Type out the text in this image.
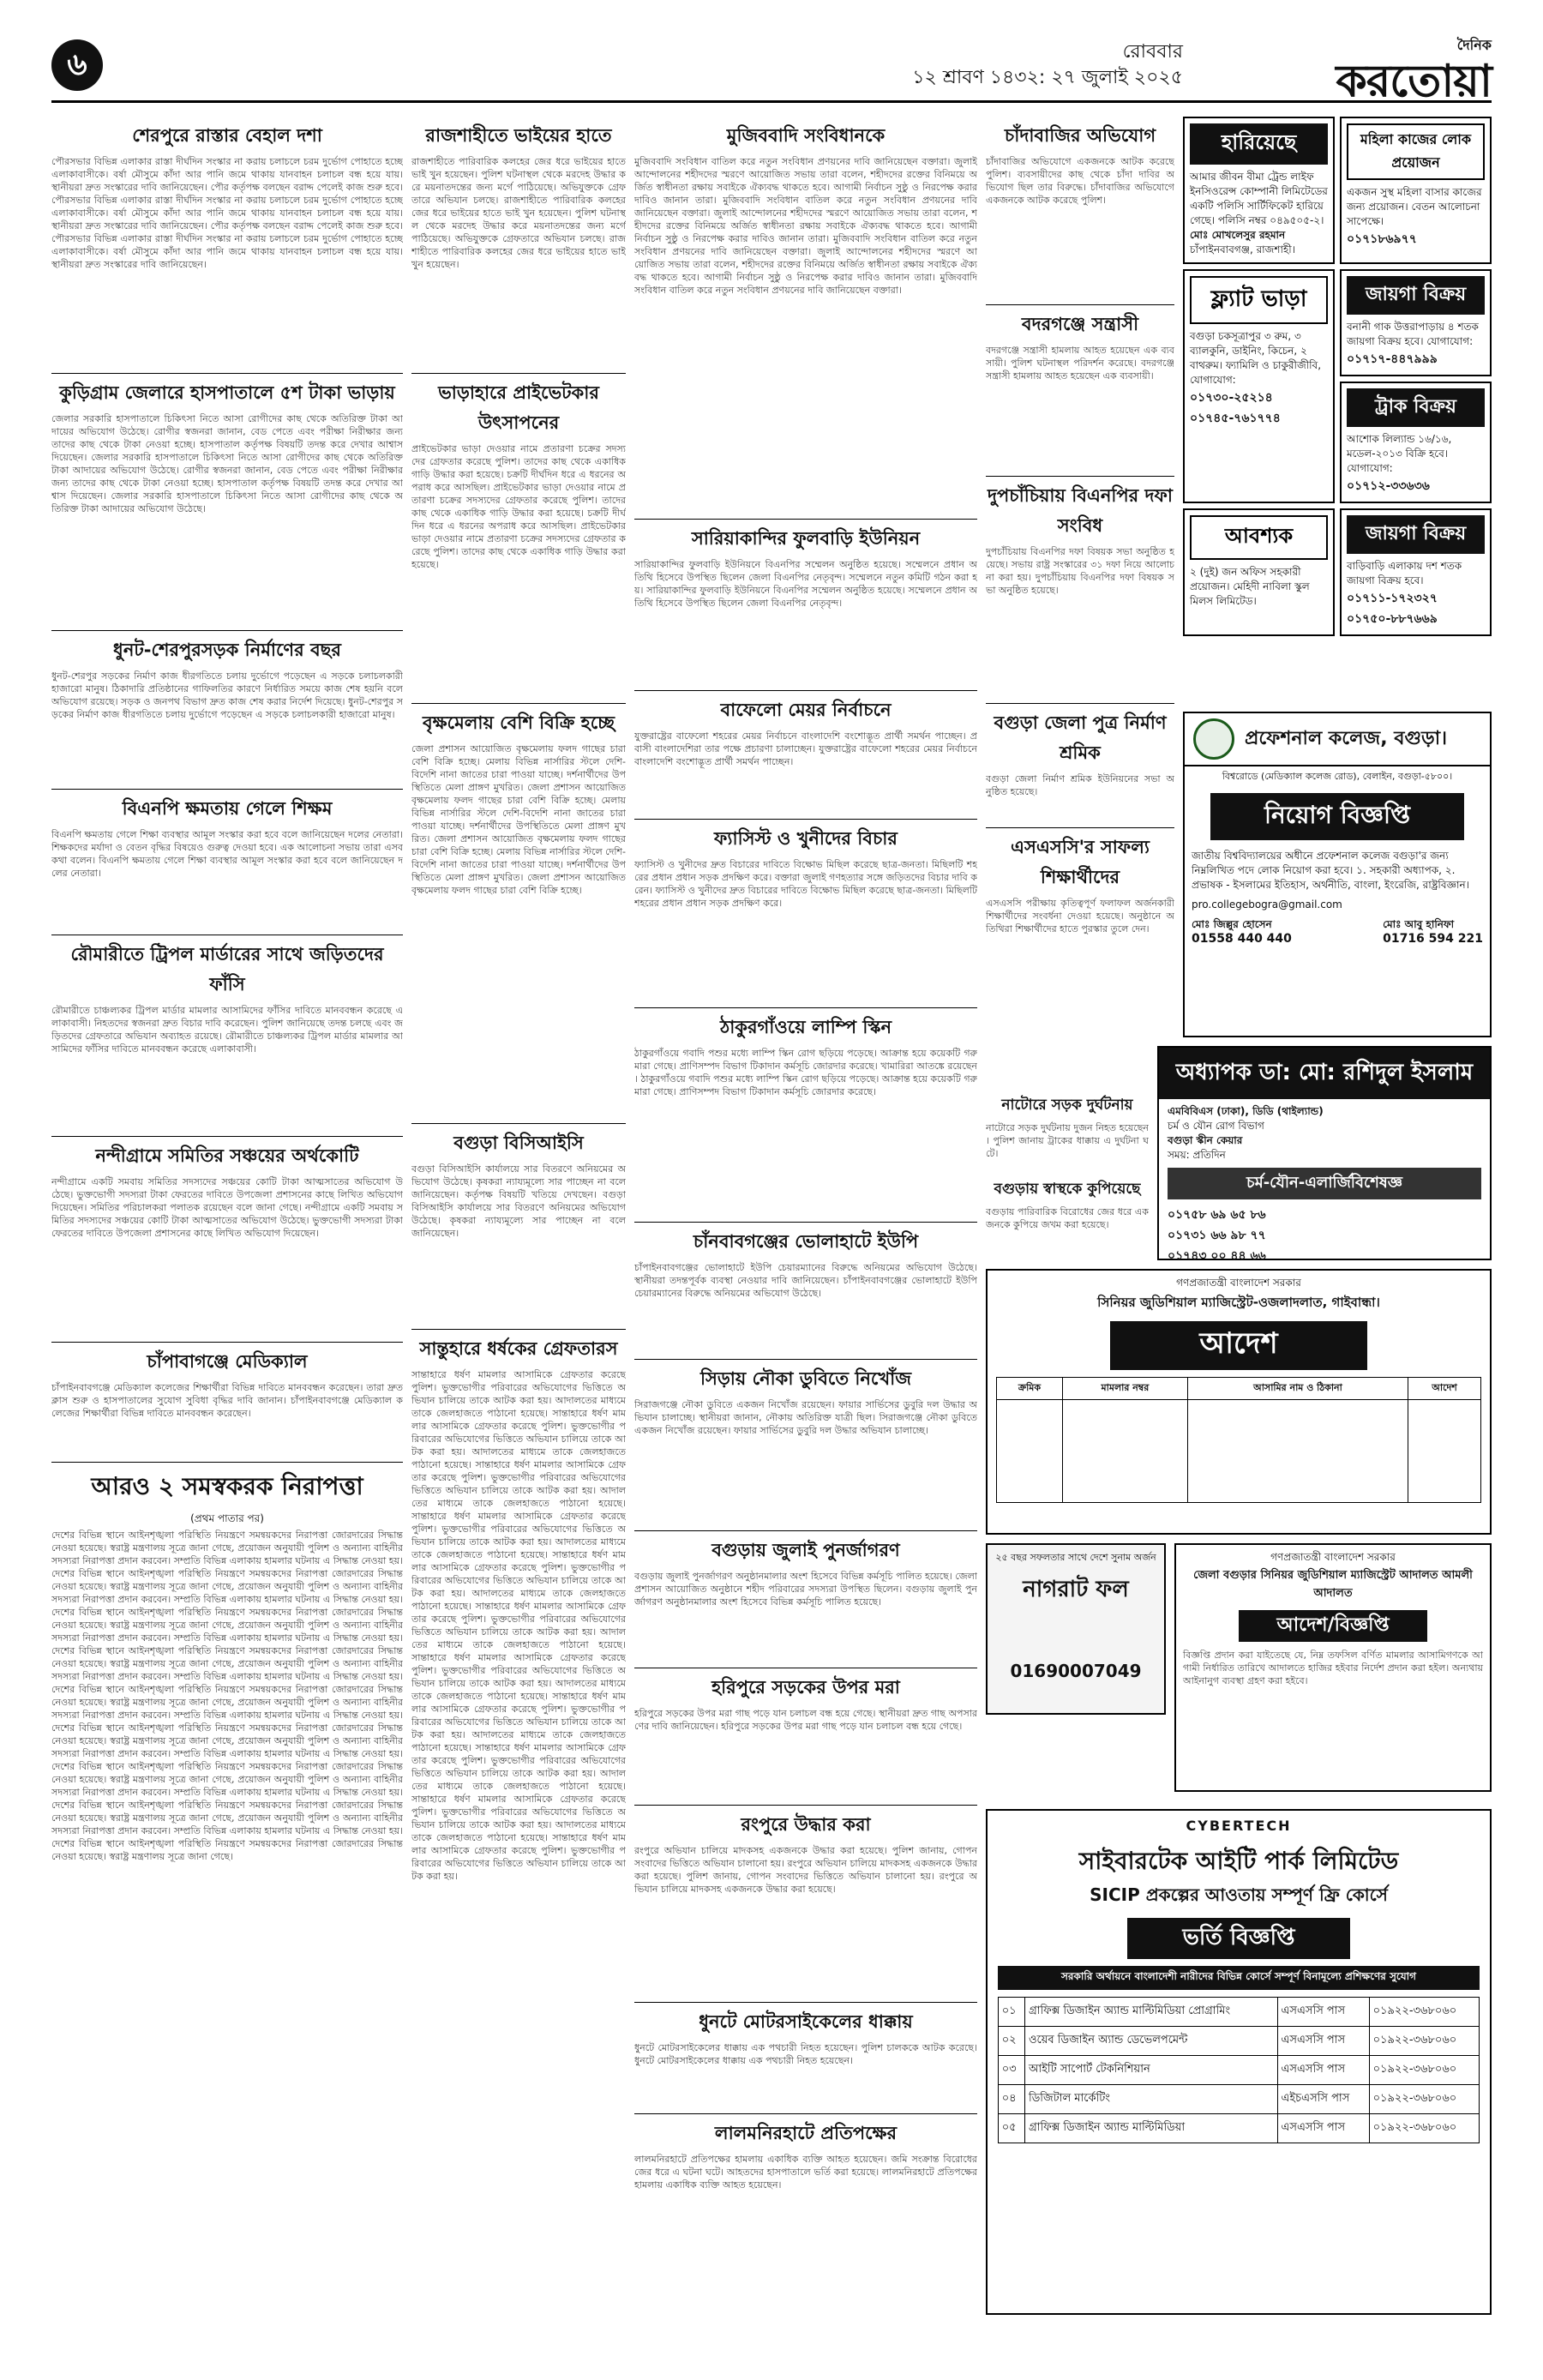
৬	রোববার
১২ শ্রাবণ ১৪৩২: ২৭ জুলাই ২০২৫
দৈনিক
করতোয়া
শেরপুরে রাস্তার বেহাল দশা
পৌরসভার বিভিন্ন এলাকার রাস্তা দীর্ঘদিন সংস্কার না করায় চলাচলে চরম দুর্ভোগ পোহাতে হচ্ছে এলাকাবাসীকে। বর্ষা মৌসুমে কাঁদা আর পানি জমে থাকায় যানবাহন চলাচল বন্ধ হয়ে যায়। স্থানীয়রা দ্রুত সংস্কারের দাবি জানিয়েছেন। পৌর কর্তৃপক্ষ বলছেন বরাদ্দ পেলেই কাজ শুরু হবে। পৌরসভার বিভিন্ন এলাকার রাস্তা দীর্ঘদিন সংস্কার না করায় চলাচলে চরম দুর্ভোগ পোহাতে হচ্ছে এলাকাবাসীকে। বর্ষা মৌসুমে কাঁদা আর পানি জমে থাকায় যানবাহন চলাচল বন্ধ হয়ে যায়। স্থানীয়রা দ্রুত সংস্কারের দাবি জানিয়েছেন। পৌর কর্তৃপক্ষ বলছেন বরাদ্দ পেলেই কাজ শুরু হবে। পৌরসভার বিভিন্ন এলাকার রাস্তা দীর্ঘদিন সংস্কার না করায় চলাচলে চরম দুর্ভোগ পোহাতে হচ্ছে এলাকাবাসীকে। বর্ষা মৌসুমে কাঁদা আর পানি জমে থাকায় যানবাহন চলাচল বন্ধ হয়ে যায়। স্থানীয়রা দ্রুত সংস্কারের দাবি জানিয়েছেন।
কুড়িগ্রাম জেলারে হাসপাতালে ৫শ টাকা ভাড়ায়
জেলার সরকারি হাসপাতালে চিকিৎসা নিতে আসা রোগীদের কাছ থেকে অতিরিক্ত টাকা আদায়ের অভিযোগ উঠেছে। রোগীর স্বজনরা জানান, বেড পেতে এবং পরীক্ষা নিরীক্ষার জন্য তাদের কাছ থেকে টাকা নেওয়া হচ্ছে। হাসপাতাল কর্তৃপক্ষ বিষয়টি তদন্ত করে দেখার আশ্বাস দিয়েছেন। জেলার সরকারি হাসপাতালে চিকিৎসা নিতে আসা রোগীদের কাছ থেকে অতিরিক্ত টাকা আদায়ের অভিযোগ উঠেছে। রোগীর স্বজনরা জানান, বেড পেতে এবং পরীক্ষা নিরীক্ষার জন্য তাদের কাছ থেকে টাকা নেওয়া হচ্ছে। হাসপাতাল কর্তৃপক্ষ বিষয়টি তদন্ত করে দেখার আশ্বাস দিয়েছেন। জেলার সরকারি হাসপাতালে চিকিৎসা নিতে আসা রোগীদের কাছ থেকে অতিরিক্ত টাকা আদায়ের অভিযোগ উঠেছে।
ধুনট-শেরপুরসড়ক নির্মাণের বছর
ধুনট-শেরপুর সড়কের নির্মাণ কাজ ধীরগতিতে চলায় দুর্ভোগে পড়েছেন এ সড়কে চলাচলকারী হাজারো মানুষ। ঠিকাদারি প্রতিষ্ঠানের গাফিলতির কারণে নির্ধারিত সময়ে কাজ শেষ হয়নি বলে অভিযোগ রয়েছে। সড়ক ও জনপথ বিভাগ দ্রুত কাজ শেষ করার নির্দেশ দিয়েছে। ধুনট-শেরপুর সড়কের নির্মাণ কাজ ধীরগতিতে চলায় দুর্ভোগে পড়েছেন এ সড়কে চলাচলকারী হাজারো মানুষ।
বিএনপি ক্ষমতায় গেলে শিক্ষম
বিএনপি ক্ষমতায় গেলে শিক্ষা ব্যবস্থার আমূল সংস্কার করা হবে বলে জানিয়েছেন দলের নেতারা। শিক্ষকদের মর্যাদা ও বেতন বৃদ্ধির বিষয়েও গুরুত্ব দেওয়া হবে। এক আলোচনা সভায় তারা এসব কথা বলেন। বিএনপি ক্ষমতায় গেলে শিক্ষা ব্যবস্থার আমূল সংস্কার করা হবে বলে জানিয়েছেন দলের নেতারা।
রৌমারীতে ট্রিপল মার্ডারের সাথে জড়িতদের ফাঁসি
রৌমারীতে চাঞ্চল্যকর ট্রিপল মার্ডার মামলার আসামিদের ফাঁসির দাবিতে মানববন্ধন করেছে এলাকাবাসী। নিহতদের স্বজনরা দ্রুত বিচার দাবি করেছেন। পুলিশ জানিয়েছে তদন্ত চলছে এবং জড়িতদের গ্রেফতারে অভিযান অব্যাহত রয়েছে। রৌমারীতে চাঞ্চল্যকর ট্রিপল মার্ডার মামলার আসামিদের ফাঁসির দাবিতে মানববন্ধন করেছে এলাকাবাসী।
নন্দীগ্রামে সমিতির সঞ্চয়ের অর্থকোটি
নন্দীগ্রামে একটি সমবায় সমিতির সদস্যদের সঞ্চয়ের কোটি টাকা আত্মসাতের অভিযোগ উঠেছে। ভুক্তভোগী সদস্যরা টাকা ফেরতের দাবিতে উপজেলা প্রশাসনের কাছে লিখিত অভিযোগ দিয়েছেন। সমিতির পরিচালকরা পলাতক রয়েছেন বলে জানা গেছে। নন্দীগ্রামে একটি সমবায় সমিতির সদস্যদের সঞ্চয়ের কোটি টাকা আত্মসাতের অভিযোগ উঠেছে। ভুক্তভোগী সদস্যরা টাকা ফেরতের দাবিতে উপজেলা প্রশাসনের কাছে লিখিত অভিযোগ দিয়েছেন।
চাঁপাবাগঞ্জে মেডিক্যাল
চাঁপাইনবাবগঞ্জে মেডিক্যাল কলেজের শিক্ষার্থীরা বিভিন্ন দাবিতে মানববন্ধন করেছেন। তারা দ্রুত ক্লাস শুরু ও হাসপাতালের সুযোগ সুবিধা বৃদ্ধির দাবি জানান। চাঁপাইনবাবগঞ্জে মেডিক্যাল কলেজের শিক্ষার্থীরা বিভিন্ন দাবিতে মানববন্ধন করেছেন।
আরও ২ সমস্বকরক নিরাপত্তা
(প্রথম পাতার পর)
দেশের বিভিন্ন স্থানে আইনশৃঙ্খলা পরিস্থিতি নিয়ন্ত্রণে সমন্বয়কদের নিরাপত্তা জোরদারের সিদ্ধান্ত নেওয়া হয়েছে। স্বরাষ্ট্র মন্ত্রণালয় সূত্রে জানা গেছে, প্রয়োজন অনুযায়ী পুলিশ ও অন্যান্য বাহিনীর সদস্যরা নিরাপত্তা প্রদান করবেন। সম্প্রতি বিভিন্ন এলাকায় হামলার ঘটনায় এ সিদ্ধান্ত নেওয়া হয়। দেশের বিভিন্ন স্থানে আইনশৃঙ্খলা পরিস্থিতি নিয়ন্ত্রণে সমন্বয়কদের নিরাপত্তা জোরদারের সিদ্ধান্ত নেওয়া হয়েছে। স্বরাষ্ট্র মন্ত্রণালয় সূত্রে জানা গেছে, প্রয়োজন অনুযায়ী পুলিশ ও অন্যান্য বাহিনীর সদস্যরা নিরাপত্তা প্রদান করবেন। সম্প্রতি বিভিন্ন এলাকায় হামলার ঘটনায় এ সিদ্ধান্ত নেওয়া হয়। দেশের বিভিন্ন স্থানে আইনশৃঙ্খলা পরিস্থিতি নিয়ন্ত্রণে সমন্বয়কদের নিরাপত্তা জোরদারের সিদ্ধান্ত নেওয়া হয়েছে। স্বরাষ্ট্র মন্ত্রণালয় সূত্রে জানা গেছে, প্রয়োজন অনুযায়ী পুলিশ ও অন্যান্য বাহিনীর সদস্যরা নিরাপত্তা প্রদান করবেন। সম্প্রতি বিভিন্ন এলাকায় হামলার ঘটনায় এ সিদ্ধান্ত নেওয়া হয়। দেশের বিভিন্ন স্থানে আইনশৃঙ্খলা পরিস্থিতি নিয়ন্ত্রণে সমন্বয়কদের নিরাপত্তা জোরদারের সিদ্ধান্ত নেওয়া হয়েছে। স্বরাষ্ট্র মন্ত্রণালয় সূত্রে জানা গেছে, প্রয়োজন অনুযায়ী পুলিশ ও অন্যান্য বাহিনীর সদস্যরা নিরাপত্তা প্রদান করবেন। সম্প্রতি বিভিন্ন এলাকায় হামলার ঘটনায় এ সিদ্ধান্ত নেওয়া হয়। দেশের বিভিন্ন স্থানে আইনশৃঙ্খলা পরিস্থিতি নিয়ন্ত্রণে সমন্বয়কদের নিরাপত্তা জোরদারের সিদ্ধান্ত নেওয়া হয়েছে। স্বরাষ্ট্র মন্ত্রণালয় সূত্রে জানা গেছে, প্রয়োজন অনুযায়ী পুলিশ ও অন্যান্য বাহিনীর সদস্যরা নিরাপত্তা প্রদান করবেন। সম্প্রতি বিভিন্ন এলাকায় হামলার ঘটনায় এ সিদ্ধান্ত নেওয়া হয়। দেশের বিভিন্ন স্থানে আইনশৃঙ্খলা পরিস্থিতি নিয়ন্ত্রণে সমন্বয়কদের নিরাপত্তা জোরদারের সিদ্ধান্ত নেওয়া হয়েছে। স্বরাষ্ট্র মন্ত্রণালয় সূত্রে জানা গেছে, প্রয়োজন অনুযায়ী পুলিশ ও অন্যান্য বাহিনীর সদস্যরা নিরাপত্তা প্রদান করবেন। সম্প্রতি বিভিন্ন এলাকায় হামলার ঘটনায় এ সিদ্ধান্ত নেওয়া হয়। দেশের বিভিন্ন স্থানে আইনশৃঙ্খলা পরিস্থিতি নিয়ন্ত্রণে সমন্বয়কদের নিরাপত্তা জোরদারের সিদ্ধান্ত নেওয়া হয়েছে। স্বরাষ্ট্র মন্ত্রণালয় সূত্রে জানা গেছে, প্রয়োজন অনুযায়ী পুলিশ ও অন্যান্য বাহিনীর সদস্যরা নিরাপত্তা প্রদান করবেন। সম্প্রতি বিভিন্ন এলাকায় হামলার ঘটনায় এ সিদ্ধান্ত নেওয়া হয়। দেশের বিভিন্ন স্থানে আইনশৃঙ্খলা পরিস্থিতি নিয়ন্ত্রণে সমন্বয়কদের নিরাপত্তা জোরদারের সিদ্ধান্ত নেওয়া হয়েছে। স্বরাষ্ট্র মন্ত্রণালয় সূত্রে জানা গেছে, প্রয়োজন অনুযায়ী পুলিশ ও অন্যান্য বাহিনীর সদস্যরা নিরাপত্তা প্রদান করবেন। সম্প্রতি বিভিন্ন এলাকায় হামলার ঘটনায় এ সিদ্ধান্ত নেওয়া হয়। দেশের বিভিন্ন স্থানে আইনশৃঙ্খলা পরিস্থিতি নিয়ন্ত্রণে সমন্বয়কদের নিরাপত্তা জোরদারের সিদ্ধান্ত নেওয়া হয়েছে। স্বরাষ্ট্র মন্ত্রণালয় সূত্রে জানা গেছে।
রাজশাহীতে ভাইয়ের হাতে
রাজশাহীতে পারিবারিক কলহের জের ধরে ভাইয়ের হাতে ভাই খুন হয়েছেন। পুলিশ ঘটনাস্থল থেকে মরদেহ উদ্ধার করে ময়নাতদন্তের জন্য মর্গে পাঠিয়েছে। অভিযুক্তকে গ্রেফতারে অভিযান চলছে। রাজশাহীতে পারিবারিক কলহের জের ধরে ভাইয়ের হাতে ভাই খুন হয়েছেন। পুলিশ ঘটনাস্থল থেকে মরদেহ উদ্ধার করে ময়নাতদন্তের জন্য মর্গে পাঠিয়েছে। অভিযুক্তকে গ্রেফতারে অভিযান চলছে। রাজশাহীতে পারিবারিক কলহের জের ধরে ভাইয়ের হাতে ভাই খুন হয়েছেন।
ভাড়াহারে প্রাইভেটকার উৎসাপনের
প্রাইভেটকার ভাড়া দেওয়ার নামে প্রতারণা চক্রের সদস্যদের গ্রেফতার করেছে পুলিশ। তাদের কাছ থেকে একাধিক গাড়ি উদ্ধার করা হয়েছে। চক্রটি দীর্ঘদিন ধরে এ ধরনের অপরাধ করে আসছিল। প্রাইভেটকার ভাড়া দেওয়ার নামে প্রতারণা চক্রের সদস্যদের গ্রেফতার করেছে পুলিশ। তাদের কাছ থেকে একাধিক গাড়ি উদ্ধার করা হয়েছে। চক্রটি দীর্ঘদিন ধরে এ ধরনের অপরাধ করে আসছিল। প্রাইভেটকার ভাড়া দেওয়ার নামে প্রতারণা চক্রের সদস্যদের গ্রেফতার করেছে পুলিশ। তাদের কাছ থেকে একাধিক গাড়ি উদ্ধার করা হয়েছে।
বৃক্ষমেলায় বেশি বিক্রি হচ্ছে
জেলা প্রশাসন আয়োজিত বৃক্ষমেলায় ফলদ গাছের চারা বেশি বিক্রি হচ্ছে। মেলায় বিভিন্ন নার্সারির স্টলে দেশি-বিদেশি নানা জাতের চারা পাওয়া যাচ্ছে। দর্শনার্থীদের উপস্থিতিতে মেলা প্রাঙ্গণ মুখরিত। জেলা প্রশাসন আয়োজিত বৃক্ষমেলায় ফলদ গাছের চারা বেশি বিক্রি হচ্ছে। মেলায় বিভিন্ন নার্সারির স্টলে দেশি-বিদেশি নানা জাতের চারা পাওয়া যাচ্ছে। দর্শনার্থীদের উপস্থিতিতে মেলা প্রাঙ্গণ মুখরিত। জেলা প্রশাসন আয়োজিত বৃক্ষমেলায় ফলদ গাছের চারা বেশি বিক্রি হচ্ছে। মেলায় বিভিন্ন নার্সারির স্টলে দেশি-বিদেশি নানা জাতের চারা পাওয়া যাচ্ছে। দর্শনার্থীদের উপস্থিতিতে মেলা প্রাঙ্গণ মুখরিত। জেলা প্রশাসন আয়োজিত বৃক্ষমেলায় ফলদ গাছের চারা বেশি বিক্রি হচ্ছে।
বগুড়া বিসিআইসি
বগুড়া বিসিআইসি কার্যালয়ে সার বিতরণে অনিয়মের অভিযোগ উঠেছে। কৃষকরা ন্যায্যমূল্যে সার পাচ্ছেন না বলে জানিয়েছেন। কর্তৃপক্ষ বিষয়টি খতিয়ে দেখছেন। বগুড়া বিসিআইসি কার্যালয়ে সার বিতরণে অনিয়মের অভিযোগ উঠেছে। কৃষকরা ন্যায্যমূল্যে সার পাচ্ছেন না বলে জানিয়েছেন।
সান্তুহারে ধর্ষকের গ্রেফতারস
সান্তাহারে ধর্ষণ মামলার আসামিকে গ্রেফতার করেছে পুলিশ। ভুক্তভোগীর পরিবারের অভিযোগের ভিত্তিতে অভিযান চালিয়ে তাকে আটক করা হয়। আদালতের মাধ্যমে তাকে জেলহাজতে পাঠানো হয়েছে। সান্তাহারে ধর্ষণ মামলার আসামিকে গ্রেফতার করেছে পুলিশ। ভুক্তভোগীর পরিবারের অভিযোগের ভিত্তিতে অভিযান চালিয়ে তাকে আটক করা হয়। আদালতের মাধ্যমে তাকে জেলহাজতে পাঠানো হয়েছে। সান্তাহারে ধর্ষণ মামলার আসামিকে গ্রেফতার করেছে পুলিশ। ভুক্তভোগীর পরিবারের অভিযোগের ভিত্তিতে অভিযান চালিয়ে তাকে আটক করা হয়। আদালতের মাধ্যমে তাকে জেলহাজতে পাঠানো হয়েছে। সান্তাহারে ধর্ষণ মামলার আসামিকে গ্রেফতার করেছে পুলিশ। ভুক্তভোগীর পরিবারের অভিযোগের ভিত্তিতে অভিযান চালিয়ে তাকে আটক করা হয়। আদালতের মাধ্যমে তাকে জেলহাজতে পাঠানো হয়েছে। সান্তাহারে ধর্ষণ মামলার আসামিকে গ্রেফতার করেছে পুলিশ। ভুক্তভোগীর পরিবারের অভিযোগের ভিত্তিতে অভিযান চালিয়ে তাকে আটক করা হয়। আদালতের মাধ্যমে তাকে জেলহাজতে পাঠানো হয়েছে। সান্তাহারে ধর্ষণ মামলার আসামিকে গ্রেফতার করেছে পুলিশ। ভুক্তভোগীর পরিবারের অভিযোগের ভিত্তিতে অভিযান চালিয়ে তাকে আটক করা হয়। আদালতের মাধ্যমে তাকে জেলহাজতে পাঠানো হয়েছে। সান্তাহারে ধর্ষণ মামলার আসামিকে গ্রেফতার করেছে পুলিশ। ভুক্তভোগীর পরিবারের অভিযোগের ভিত্তিতে অভিযান চালিয়ে তাকে আটক করা হয়। আদালতের মাধ্যমে তাকে জেলহাজতে পাঠানো হয়েছে। সান্তাহারে ধর্ষণ মামলার আসামিকে গ্রেফতার করেছে পুলিশ। ভুক্তভোগীর পরিবারের অভিযোগের ভিত্তিতে অভিযান চালিয়ে তাকে আটক করা হয়। আদালতের মাধ্যমে তাকে জেলহাজতে পাঠানো হয়েছে। সান্তাহারে ধর্ষণ মামলার আসামিকে গ্রেফতার করেছে পুলিশ। ভুক্তভোগীর পরিবারের অভিযোগের ভিত্তিতে অভিযান চালিয়ে তাকে আটক করা হয়। আদালতের মাধ্যমে তাকে জেলহাজতে পাঠানো হয়েছে। সান্তাহারে ধর্ষণ মামলার আসামিকে গ্রেফতার করেছে পুলিশ। ভুক্তভোগীর পরিবারের অভিযোগের ভিত্তিতে অভিযান চালিয়ে তাকে আটক করা হয়। আদালতের মাধ্যমে তাকে জেলহাজতে পাঠানো হয়েছে। সান্তাহারে ধর্ষণ মামলার আসামিকে গ্রেফতার করেছে পুলিশ। ভুক্তভোগীর পরিবারের অভিযোগের ভিত্তিতে অভিযান চালিয়ে তাকে আটক করা হয়।
মুজিববাদি সংবিধানকে
মুজিববাদি সংবিধান বাতিল করে নতুন সংবিধান প্রণয়নের দাবি জানিয়েছেন বক্তারা। জুলাই আন্দোলনের শহীদদের স্মরণে আয়োজিত সভায় তারা বলেন, শহীদদের রক্তের বিনিময়ে অর্জিত স্বাধীনতা রক্ষায় সবাইকে ঐক্যবদ্ধ থাকতে হবে। আগামী নির্বাচন সুষ্ঠু ও নিরপেক্ষ করার দাবিও জানান তারা। মুজিববাদি সংবিধান বাতিল করে নতুন সংবিধান প্রণয়নের দাবি জানিয়েছেন বক্তারা। জুলাই আন্দোলনের শহীদদের স্মরণে আয়োজিত সভায় তারা বলেন, শহীদদের রক্তের বিনিময়ে অর্জিত স্বাধীনতা রক্ষায় সবাইকে ঐক্যবদ্ধ থাকতে হবে। আগামী নির্বাচন সুষ্ঠু ও নিরপেক্ষ করার দাবিও জানান তারা। মুজিববাদি সংবিধান বাতিল করে নতুন সংবিধান প্রণয়নের দাবি জানিয়েছেন বক্তারা। জুলাই আন্দোলনের শহীদদের স্মরণে আয়োজিত সভায় তারা বলেন, শহীদদের রক্তের বিনিময়ে অর্জিত স্বাধীনতা রক্ষায় সবাইকে ঐক্যবদ্ধ থাকতে হবে। আগামী নির্বাচন সুষ্ঠু ও নিরপেক্ষ করার দাবিও জানান তারা। মুজিববাদি সংবিধান বাতিল করে নতুন সংবিধান প্রণয়নের দাবি জানিয়েছেন বক্তারা।
সারিয়াকান্দির ফুলবাড়ি ইউনিয়ন
সারিয়াকান্দির ফুলবাড়ি ইউনিয়নে বিএনপির সম্মেলন অনুষ্ঠিত হয়েছে। সম্মেলনে প্রধান অতিথি হিসেবে উপস্থিত ছিলেন জেলা বিএনপির নেতৃবৃন্দ। সম্মেলনে নতুন কমিটি গঠন করা হয়। সারিয়াকান্দির ফুলবাড়ি ইউনিয়নে বিএনপির সম্মেলন অনুষ্ঠিত হয়েছে। সম্মেলনে প্রধান অতিথি হিসেবে উপস্থিত ছিলেন জেলা বিএনপির নেতৃবৃন্দ।
বাফেলো মেয়র নির্বাচনে
যুক্তরাষ্ট্রের বাফেলো শহরের মেয়র নির্বাচনে বাংলাদেশি বংশোদ্ভূত প্রার্থী সমর্থন পাচ্ছেন। প্রবাসী বাংলাদেশিরা তার পক্ষে প্রচারণা চালাচ্ছেন। যুক্তরাষ্ট্রের বাফেলো শহরের মেয়র নির্বাচনে বাংলাদেশি বংশোদ্ভূত প্রার্থী সমর্থন পাচ্ছেন।
ফ্যাসিস্ট ও খুনীদের বিচার
ফ্যাসিস্ট ও খুনীদের দ্রুত বিচারের দাবিতে বিক্ষোভ মিছিল করেছে ছাত্র-জনতা। মিছিলটি শহরের প্রধান প্রধান সড়ক প্রদক্ষিণ করে। বক্তারা জুলাই গণহত্যার সঙ্গে জড়িতদের বিচার দাবি করেন। ফ্যাসিস্ট ও খুনীদের দ্রুত বিচারের দাবিতে বিক্ষোভ মিছিল করেছে ছাত্র-জনতা। মিছিলটি শহরের প্রধান প্রধান সড়ক প্রদক্ষিণ করে।
ঠাকুরগাঁওয়ে লাম্পি স্কিন
ঠাকুরগাঁওয়ে গবাদি পশুর মধ্যে লাম্পি স্কিন রোগ ছড়িয়ে পড়েছে। আক্রান্ত হয়ে কয়েকটি গরু মারা গেছে। প্রাণিসম্পদ বিভাগ টিকাদান কর্মসূচি জোরদার করেছে। খামারিরা আতঙ্কে রয়েছেন। ঠাকুরগাঁওয়ে গবাদি পশুর মধ্যে লাম্পি স্কিন রোগ ছড়িয়ে পড়েছে। আক্রান্ত হয়ে কয়েকটি গরু মারা গেছে। প্রাণিসম্পদ বিভাগ টিকাদান কর্মসূচি জোরদার করেছে।
চাঁনবাবগঞ্জের ভোলাহাটে ইউপি
চাঁপাইনবাবগঞ্জের ভোলাহাটে ইউপি চেয়ারম্যানের বিরুদ্ধে অনিয়মের অভিযোগ উঠেছে। স্থানীয়রা তদন্তপূর্বক ব্যবস্থা নেওয়ার দাবি জানিয়েছেন। চাঁপাইনবাবগঞ্জের ভোলাহাটে ইউপি চেয়ারম্যানের বিরুদ্ধে অনিয়মের অভিযোগ উঠেছে।
সিড়ায় নৌকা ডুবিতে নিখোঁজ
সিরাজগঞ্জে নৌকা ডুবিতে একজন নিখোঁজ রয়েছেন। ফায়ার সার্ভিসের ডুবুরি দল উদ্ধার অভিযান চালাচ্ছে। স্থানীয়রা জানান, নৌকায় অতিরিক্ত যাত্রী ছিল। সিরাজগঞ্জে নৌকা ডুবিতে একজন নিখোঁজ রয়েছেন। ফায়ার সার্ভিসের ডুবুরি দল উদ্ধার অভিযান চালাচ্ছে।
বগুড়ায় জুলাই পুনর্জাগরণ
বগুড়ায় জুলাই পুনর্জাগরণ অনুষ্ঠানমালার অংশ হিসেবে বিভিন্ন কর্মসূচি পালিত হয়েছে। জেলা প্রশাসন আয়োজিত অনুষ্ঠানে শহীদ পরিবারের সদস্যরা উপস্থিত ছিলেন। বগুড়ায় জুলাই পুনর্জাগরণ অনুষ্ঠানমালার অংশ হিসেবে বিভিন্ন কর্মসূচি পালিত হয়েছে।
হরিপুরে সড়কের উপর মরা
হরিপুরে সড়কের উপর মরা গাছ পড়ে যান চলাচল বন্ধ হয়ে গেছে। স্থানীয়রা দ্রুত গাছ অপসারণের দাবি জানিয়েছেন। হরিপুরে সড়কের উপর মরা গাছ পড়ে যান চলাচল বন্ধ হয়ে গেছে।
রংপুরে উদ্ধার করা
রংপুরে অভিযান চালিয়ে মাদকসহ একজনকে উদ্ধার করা হয়েছে। পুলিশ জানায়, গোপন সংবাদের ভিত্তিতে অভিযান চালানো হয়। রংপুরে অভিযান চালিয়ে মাদকসহ একজনকে উদ্ধার করা হয়েছে। পুলিশ জানায়, গোপন সংবাদের ভিত্তিতে অভিযান চালানো হয়। রংপুরে অভিযান চালিয়ে মাদকসহ একজনকে উদ্ধার করা হয়েছে।
ধুনটে মোটরসাইকেলের ধাক্কায়
ধুনটে মোটরসাইকেলের ধাক্কায় এক পথচারী নিহত হয়েছেন। পুলিশ চালককে আটক করেছে। ধুনটে মোটরসাইকেলের ধাক্কায় এক পথচারী নিহত হয়েছেন।
লালমনিরহাটে প্রতিপক্ষের
লালমনিরহাটে প্রতিপক্ষের হামলায় একাধিক ব্যক্তি আহত হয়েছেন। জমি সংক্রান্ত বিরোধের জের ধরে এ ঘটনা ঘটে। আহতদের হাসপাতালে ভর্তি করা হয়েছে। লালমনিরহাটে প্রতিপক্ষের হামলায় একাধিক ব্যক্তি আহত হয়েছেন।
চাঁদাবাজির অভিযোগ
চাঁদাবাজির অভিযোগে একজনকে আটক করেছে পুলিশ। ব্যবসায়ীদের কাছ থেকে চাঁদা দাবির অভিযোগ ছিল তার বিরুদ্ধে। চাঁদাবাজির অভিযোগে একজনকে আটক করেছে পুলিশ।
বদরগঞ্জে সন্ত্রাসী
বদরগঞ্জে সন্ত্রাসী হামলায় আহত হয়েছেন এক ব্যবসায়ী। পুলিশ ঘটনাস্থল পরিদর্শন করেছে। বদরগঞ্জে সন্ত্রাসী হামলায় আহত হয়েছেন এক ব্যবসায়ী।
দুপচাঁচিয়ায় বিএনপির দফা সংবিধ
দুপচাঁচিয়ায় বিএনপির দফা বিষয়ক সভা অনুষ্ঠিত হয়েছে। সভায় রাষ্ট্র সংস্কারের ৩১ দফা নিয়ে আলোচনা করা হয়। দুপচাঁচিয়ায় বিএনপির দফা বিষয়ক সভা অনুষ্ঠিত হয়েছে।
বগুড়া জেলা পুত্র নির্মাণ শ্রমিক
বগুড়া জেলা নির্মাণ শ্রমিক ইউনিয়নের সভা অনুষ্ঠিত হয়েছে।
এসএসসি'র সাফল্য শিক্ষার্থীদের
এসএসসি পরীক্ষায় কৃতিত্বপূর্ণ ফলাফল অর্জনকারী শিক্ষার্থীদের সংবর্ধনা দেওয়া হয়েছে। অনুষ্ঠানে অতিথিরা শিক্ষার্থীদের হাতে পুরস্কার তুলে দেন।
হারিয়েছে
আমার জীবন বীমা ট্রেন্ড লাইফ ইনসিওরেন্স কোম্পানী লিমিটেডের একটি পলিসি সার্টিফিকেট হারিয়ে গেছে। পলিসি নম্বর ০৪৯৫০৫-২।
মোঃ মোখলেসুর রহমান
চাঁপাইনবাবগঞ্জ, রাজশাহী।
মহিলা কাজের লোক প্রয়োজন
একজন সুস্থ মহিলা বাসার কাজের জন্য প্রয়োজন। বেতন আলোচনা সাপেক্ষে।
০১৭১৮৬৯৭৭
ফ্ল্যাট ভাড়া
বগুড়া চকসূত্রাপুর ৩ রুম, ৩ ব্যালকুনি, ডাইনিং, কিচেন, ২ বাথরুম। ফ্যামিলি ও চাকুরীজীবি, যোগাযোগ:
০১৭৩০-২৫২১৪
০১৭৪৫-৭৬১৭৭৪
জায়গা বিক্রয়
বনানী গাক উত্তরাপাড়ায় ৪ শতক জায়গা বিক্রয় হবে। যোগাযোগ:
০১৭১৭-৪৪৭৯৯৯
ট্রাক বিক্রয়
আশোক লিল্যান্ড ১৬/১৬, মডেল-২০১৩ বিক্রি হবে। যোগাযোগ:
০১৭১২-৩৩৬৩৬
আবশ্যক
২ (দুই) জন অফিস সহকারী প্রয়োজন। মেহিদী নাবিলা স্কুল মিলস লিমিটেড।
জায়গা বিক্রয়
বাড়িবাড়ি এলাকায় দশ শতক জায়গা বিক্রয় হবে।
০১৭১১-১৭২৩২৭
০১৭৫০-৮৮৭৬৬৯
প্রফেশনাল কলেজ, বগুড়া।
বিশ্বরোডে (মেডিক্যাল কলেজ রোড), বেলাইন, বগুড়া-৫৮০০।
নিয়োগ বিজ্ঞপ্তি
জাতীয় বিশ্ববিদ্যালয়ের অধীনে প্রফেশনাল কলেজ বগুড়া'র জন্য নিম্নলিখিত পদে লোক নিয়োগ করা হবে। ১. সহকারী অধ্যাপক, ২. প্রভাষক - ইসলামের ইতিহাস, অর্থনীতি, বাংলা, ইংরেজি, রাষ্ট্রবিজ্ঞান।
pro.collegebogra@gmail.com
মোঃ জিল্লুর হোসেন
01558 440 440
মোঃ আবু হানিফা
01716 594 221
অধ্যাপক ডা: মো: রশিদুল ইসলাম
এমবিবিএস (ঢাকা), ডিডি (থাইল্যান্ড)
চর্ম ও যৌন রোগ বিভাগ
বগুড়া স্কীন কেয়ার
সময়: প্রতিদিন
চর্ম-যৌন-এলার্জিবিশেষজ্ঞ
০১৭৫৮ ৬৯ ৬৫ ৮৬
০১৭৩১ ৬৬ ৯৮ ৭৭
০১৭৪৩ ০০ ৪৪ ৬৬
গণপ্রজাতন্ত্রী বাংলাদেশ সরকার
সিনিয়র জুডিশিয়াল ম্যাজিস্ট্রেট-ওজলাদলাত, গাইবান্ধা।
আদেশ
ক্রমিক	মামলার নম্বর	আসামির নাম ও ঠিকানা	আদেশ

২৫ বছর সফলতার সাথে দেশে সুনাম অর্জন
নাগরাট ফল
01690007049
গণপ্রজাতন্ত্রী বাংলাদেশ সরকার
জেলা বগুড়ার সিনিয়র জুডিশিয়াল ম্যাজিস্ট্রেট আদালত আমলী আদালত
আদেশ/বিজ্ঞপ্তি
বিজ্ঞপ্তি প্রদান করা যাইতেছে যে, নিম্ন তফসিল বর্ণিত মামলার আসামিগণকে আগামী নির্ধারিত তারিখে আদালতে হাজির হইবার নির্দেশ প্রদান করা হইল। অন্যথায় আইনানুগ ব্যবস্থা গ্রহণ করা হইবে।
CYBERTECH
সাইবারটেক আইটি পার্ক লিমিটেড
SICIP প্রকল্পের আওতায় সম্পূর্ণ ফ্রি কোর্সে
ভর্তি বিজ্ঞপ্তি
সরকারি অর্থায়নে বাংলাদেশী নারীদের বিভিন্ন কোর্সে সম্পূর্ণ বিনামূল্যে প্রশিক্ষণের সুযোগ
০১	গ্রাফিক্স ডিজাইন অ্যান্ড মাল্টিমিডিয়া প্রোগ্রামিং	এসএসসি পাস	০১৯২২-৩৬৮০৬০
০২	ওয়েব ডিজাইন অ্যান্ড ডেভেলপমেন্ট	এসএসসি পাস	০১৯২২-৩৬৮০৬০
০৩	আইটি সাপোর্ট টেকনিশিয়ান	এসএসসি পাস	০১৯২২-৩৬৮০৬০
০৪	ডিজিটাল মার্কেটিং	এইচএসসি পাস	০১৯২২-৩৬৮০৬০
০৫	গ্রাফিক্স ডিজাইন অ্যান্ড মাল্টিমিডিয়া	এসএসসি পাস	০১৯২২-৩৬৮০৬০
নাটোরে সড়ক দুর্ঘটনায়
নাটোরে সড়ক দুর্ঘটনায় দুজন নিহত হয়েছেন। পুলিশ জানায় ট্রাকের ধাক্কায় এ দুর্ঘটনা ঘটে।
বগুড়ায় স্বাস্থকে কুপিয়েছে
বগুড়ায় পারিবারিক বিরোধের জের ধরে একজনকে কুপিয়ে জখম করা হয়েছে।
